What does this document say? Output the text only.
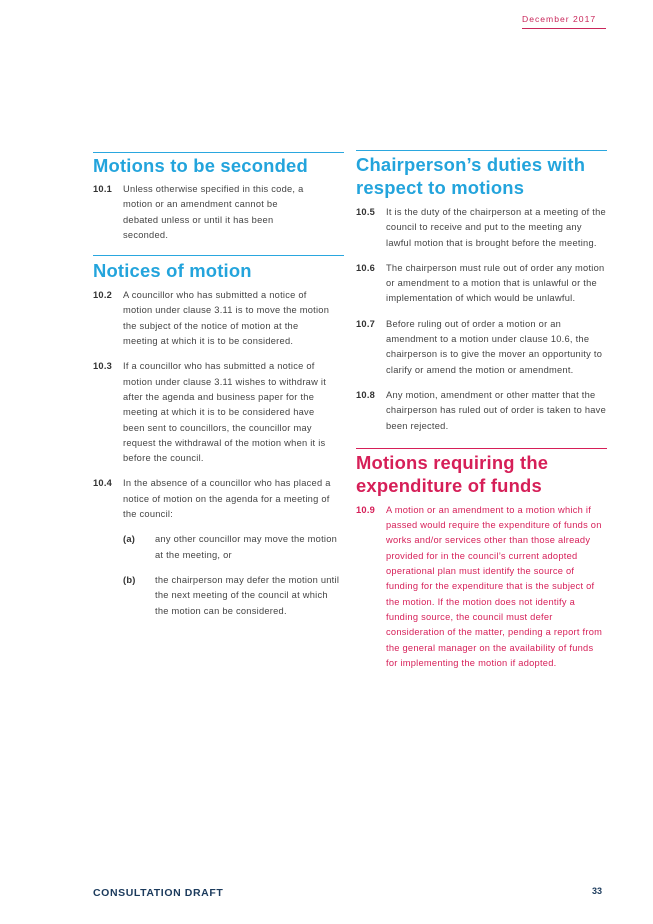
December 2017
Motions to be seconded
10.1	Unless otherwise specified in this code, a motion or an amendment cannot be debated unless or until it has been seconded.
Notices of motion
10.2	A councillor who has submitted a notice of motion under clause 3.11 is to move the motion the subject of the notice of motion at the meeting at which it is to be considered.
10.3	If a councillor who has submitted a notice of motion under clause 3.11 wishes to withdraw it after the agenda and business paper for the meeting at which it is to be considered have been sent to councillors, the councillor may request the withdrawal of the motion when it is before the council.
10.4	In the absence of a councillor who has placed a notice of motion on the agenda for a meeting of the council:
(a)	any other councillor may move the motion at the meeting, or
(b)	the chairperson may defer the motion until the next meeting of the council at which the motion can be considered.
Chairperson’s duties with respect to motions
10.5	It is the duty of the chairperson at a meeting of the council to receive and put to the meeting any lawful motion that is brought before the meeting.
10.6	The chairperson must rule out of order any motion or amendment to a motion that is unlawful or the implementation of which would be unlawful.
10.7	Before ruling out of order a motion or an amendment to a motion under clause 10.6, the chairperson is to give the mover an opportunity to clarify or amend the motion or amendment.
10.8	Any motion, amendment or other matter that the chairperson has ruled out of order is taken to have been rejected.
Motions requiring the expenditure of funds
10.9	A motion or an amendment to a motion which if passed would require the expenditure of funds on works and/or services other than those already provided for in the council’s current adopted operational plan must identify the source of funding for the expenditure that is the subject of the motion. If the motion does not identify a funding source, the council must defer consideration of the matter, pending a report from the general manager on the availability of funds for implementing the motion if adopted.
CONSULTATION DRAFT	33
